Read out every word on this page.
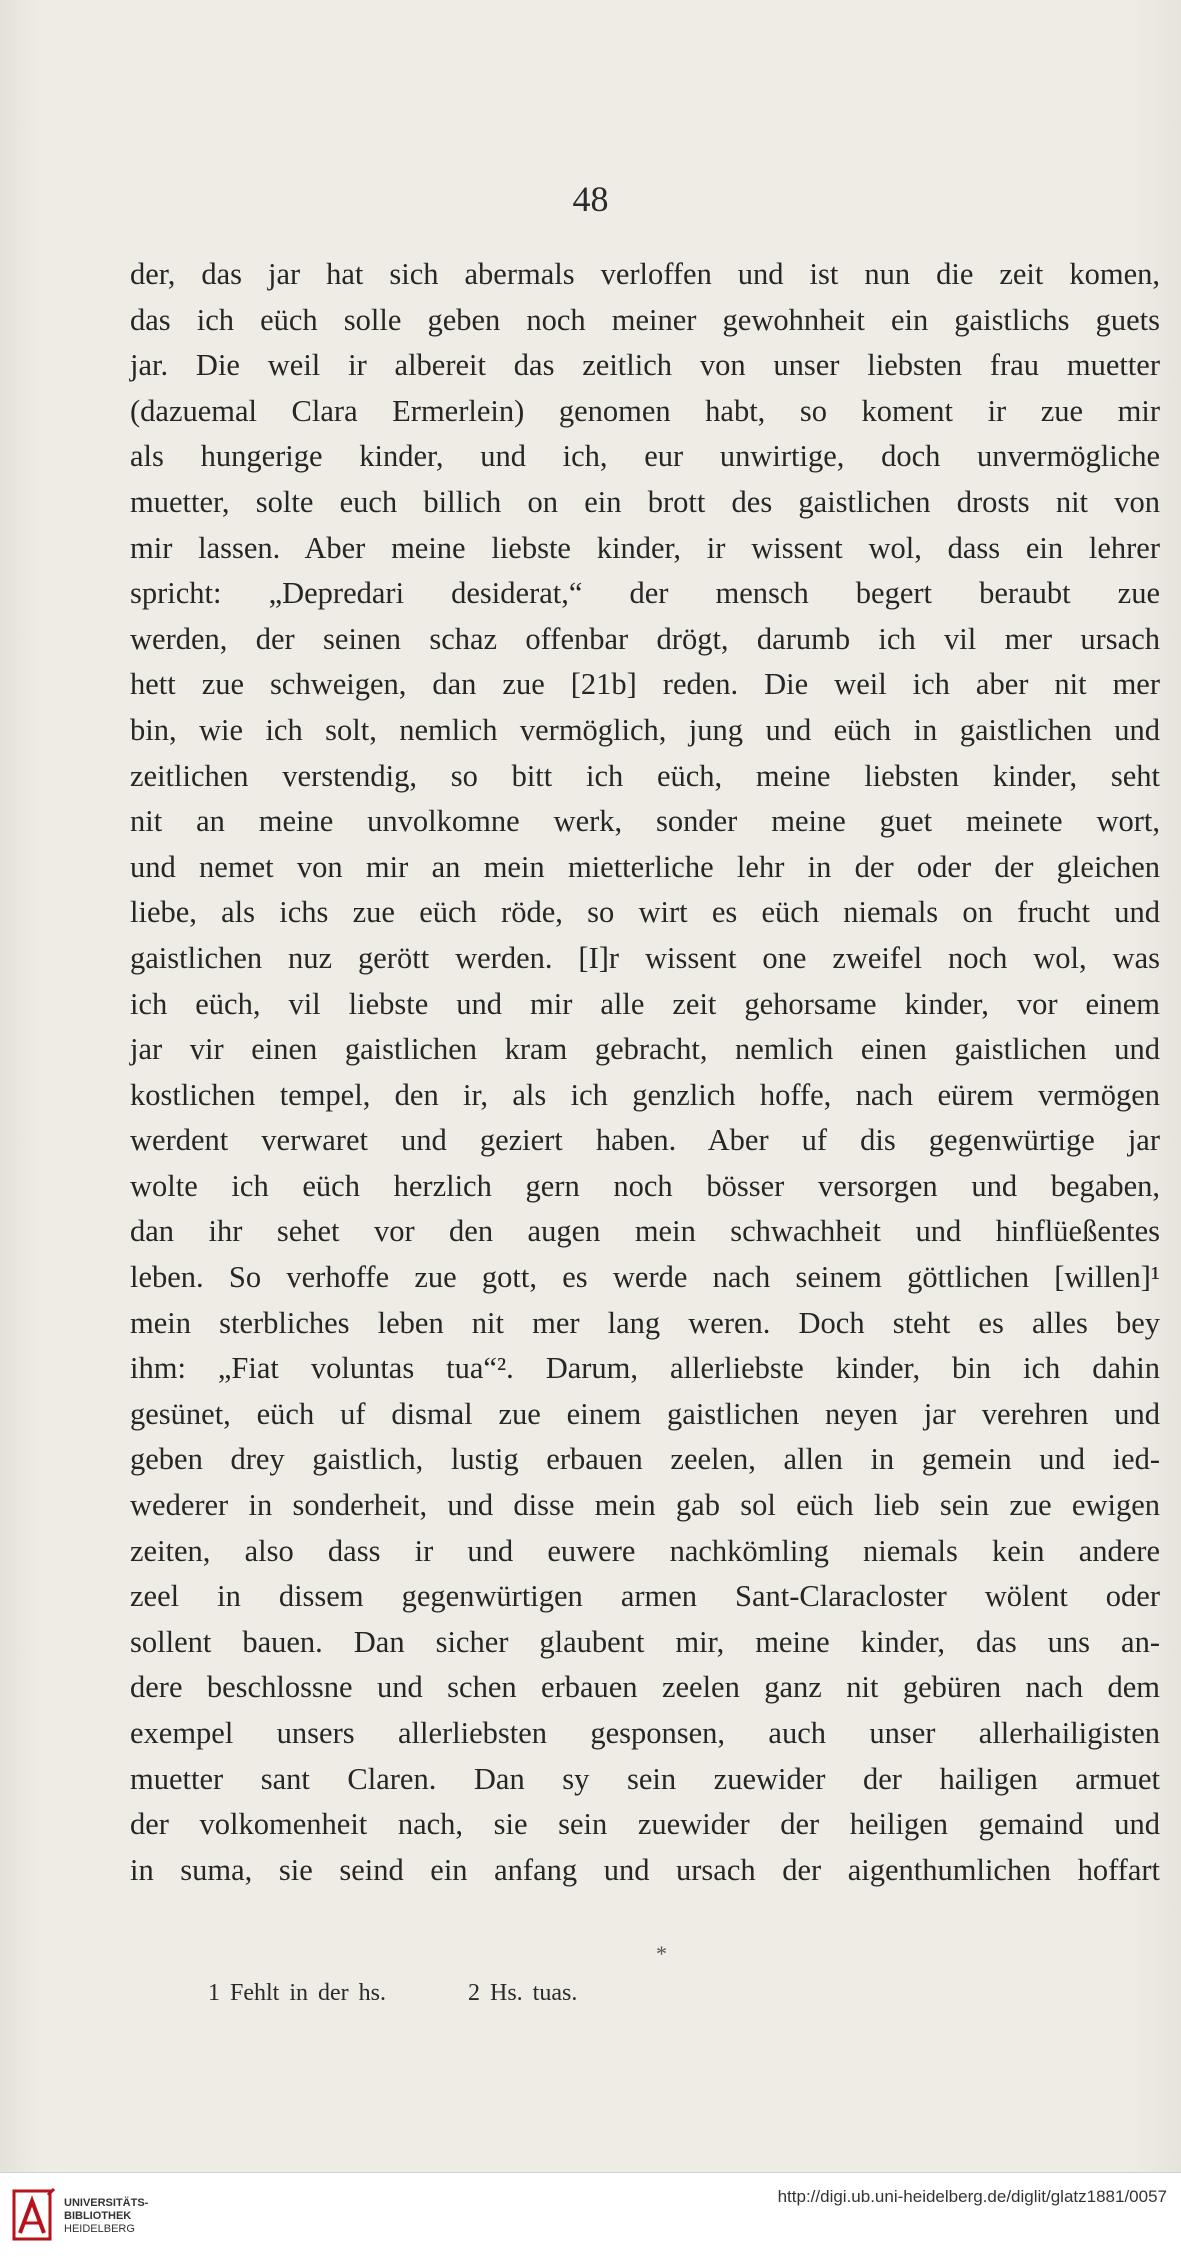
48
der, das jar hat sich abermals verloffen und ist nun die zeit komen,
das ich eüch solle geben noch meiner gewohnheit ein gaistlichs guets
jar. Die weil ir albereit das zeitlich von unser liebsten frau muetter
(dazuemal Clara Ermerlein) genomen habt, so koment ir zue mir
als hungerige kinder, und ich, eur unwirtige, doch unvermögliche
muetter, solte euch billich on ein brott des gaistlichen drosts nit von
mir lassen. Aber meine liebste kinder, ir wissent wol, dass ein lehrer
spricht: „Depredari desiderat,“ der mensch begert beraubt zue
werden, der seinen schaz offenbar drögt, darumb ich vil mer ursach
hett zue schweigen, dan zue [21b] reden. Die weil ich aber nit mer
bin, wie ich solt, nemlich vermöglich, jung und eüch in gaistlichen und
zeitlichen verstendig, so bitt ich eüch, meine liebsten kinder, seht
nit an meine unvolkomne werk, sonder meine guet meinete wort,
und nemet von mir an mein mietterliche lehr in der oder der gleichen
liebe, als ichs zue eüch röde, so wirt es eüch niemals on frucht und
gaistlichen nuz gerött werden. [I]r wissent one zweifel noch wol, was
ich eüch, vil liebste und mir alle zeit gehorsame kinder, vor einem
jar vir einen gaistlichen kram gebracht, nemlich einen gaistlichen und
kostlichen tempel, den ir, als ich genzlich hoffe, nach eürem vermögen
werdent verwaret und geziert haben. Aber uf dis gegenwürtige jar
wolte ich eüch herzlich gern noch bösser versorgen und begaben,
dan ihr sehet vor den augen mein schwachheit und hinflüeßentes
leben. So verhoffe zue gott, es werde nach seinem göttlichen [willen]¹
mein sterbliches leben nit mer lang weren. Doch steht es alles bey
ihm: „Fiat voluntas tua“². Darum, allerliebste kinder, bin ich dahin
gesünet, eüch uf dismal zue einem gaistlichen neyen jar verehren und
geben drey gaistlich, lustig erbauen zeelen, allen in gemein und ied-
wederer in sonderheit, und disse mein gab sol eüch lieb sein zue ewigen
zeiten, also dass ir und euwere nachkömling niemals kein andere
zeel in dissem gegenwürtigen armen Sant-Claracloster wölent oder
sollent bauen. Dan sicher glaubent mir, meine kinder, das uns an-
dere beschlossne und schen erbauen zeelen ganz nit gebüren nach dem
exempel unsers allerliebsten gesponsen, auch unser allerhailigisten
muetter sant Claren. Dan sy sein zuewider der hailigen armuet
der volkomenheit nach, sie sein zuewider der heiligen gemaind und
in suma, sie seind ein anfang und ursach der aigenthumlichen hoffart
*
1 Fehlt in der hs.	2 Hs. tuas.
UNIVERSITÄTS-
BIBLIOTHEK
HEIDELBERG
http://digi.ub.uni-heidelberg.de/diglit/glatz1881/0057
